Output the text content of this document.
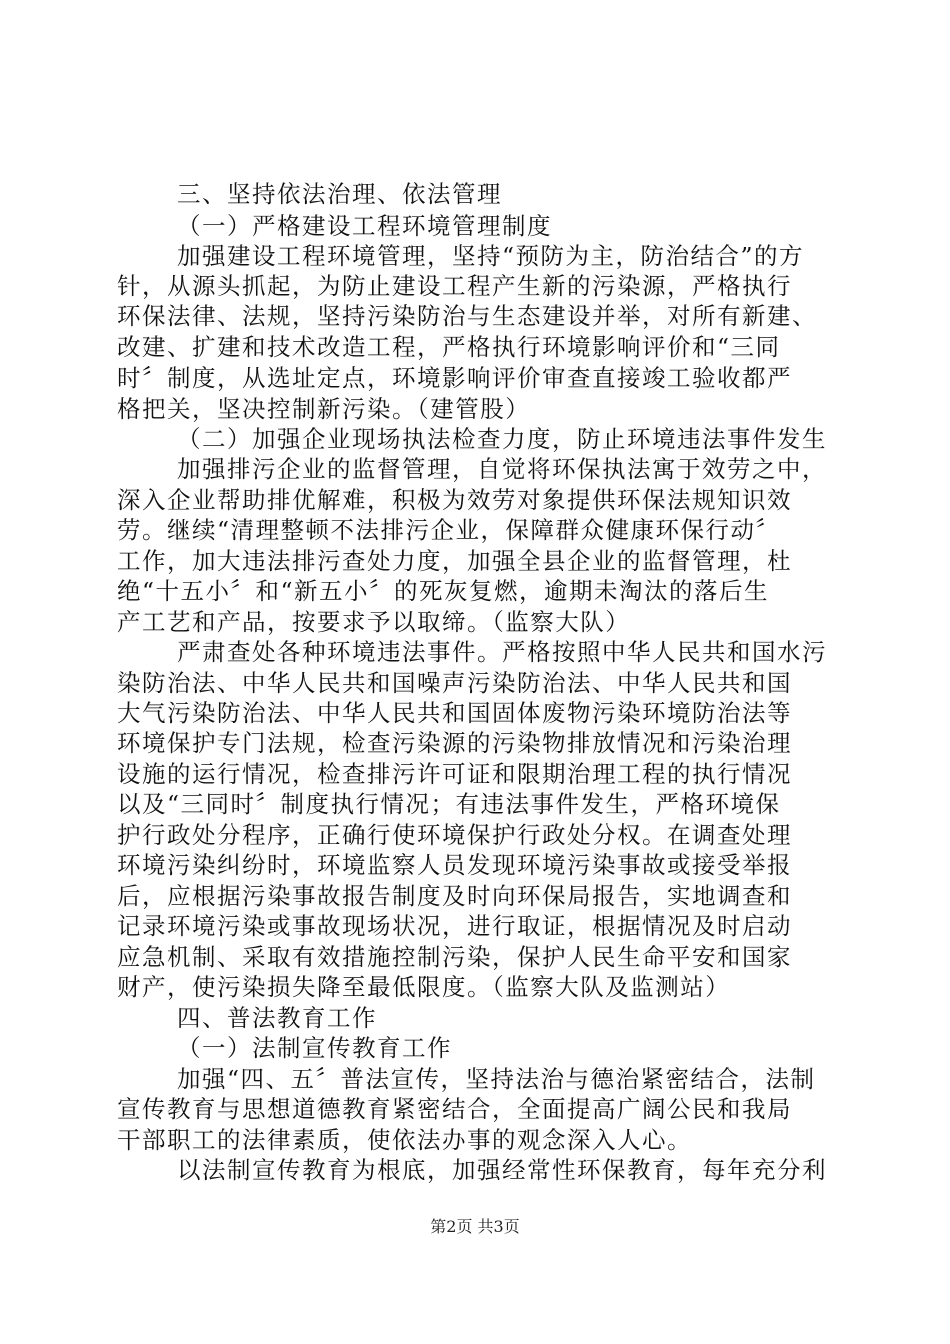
三、坚持依法治理、依法管理
（一）严格建设工程环境管理制度
加强建设工程环境管理，坚持“预防为主，防治结合”的方
针，从源头抓起，为防止建设工程产生新的污染源，严格执行
环保法律、法规，坚持污染防治与生态建设并举，对所有新建、
改建、扩建和技术改造工程，严格执行环境影响评价和“三同
时〞制度，从选址定点，环境影响评价审查直接竣工验收都严
格把关，坚决控制新污染。（建管股）
（二）加强企业现场执法检查力度，防止环境违法事件发生
加强排污企业的监督管理，自觉将环保执法寓于效劳之中，
深入企业帮助排优解难，积极为效劳对象提供环保法规知识效
劳。继续“清理整顿不法排污企业，保障群众健康环保行动〞
工作，加大违法排污查处力度，加强全县企业的监督管理，杜
绝“十五小〞和“新五小〞的死灰复燃，逾期未淘汰的落后生
产工艺和产品，按要求予以取缔。（监察大队）
严肃查处各种环境违法事件。严格按照中华人民共和国水污
染防治法、中华人民共和国噪声污染防治法、中华人民共和国
大气污染防治法、中华人民共和国固体废物污染环境防治法等
环境保护专门法规，检查污染源的污染物排放情况和污染治理
设施的运行情况，检查排污许可证和限期治理工程的执行情况
以及“三同时〞制度执行情况；有违法事件发生，严格环境保
护行政处分程序，正确行使环境保护行政处分权。在调查处理
环境污染纠纷时，环境监察人员发现环境污染事故或接受举报
后，应根据污染事故报告制度及时向环保局报告，实地调查和
记录环境污染或事故现场状况，进行取证，根据情况及时启动
应急机制、采取有效措施控制污染，保护人民生命平安和国家
财产，使污染损失降至最低限度。（监察大队及监测站）
四、普法教育工作
（一）法制宣传教育工作
加强“四、五〞普法宣传，坚持法治与德治紧密结合，法制
宣传教育与思想道德教育紧密结合，全面提高广阔公民和我局
干部职工的法律素质，使依法办事的观念深入人心。
以法制宣传教育为根底，加强经常性环保教育，每年充分利
第2页 共3页
